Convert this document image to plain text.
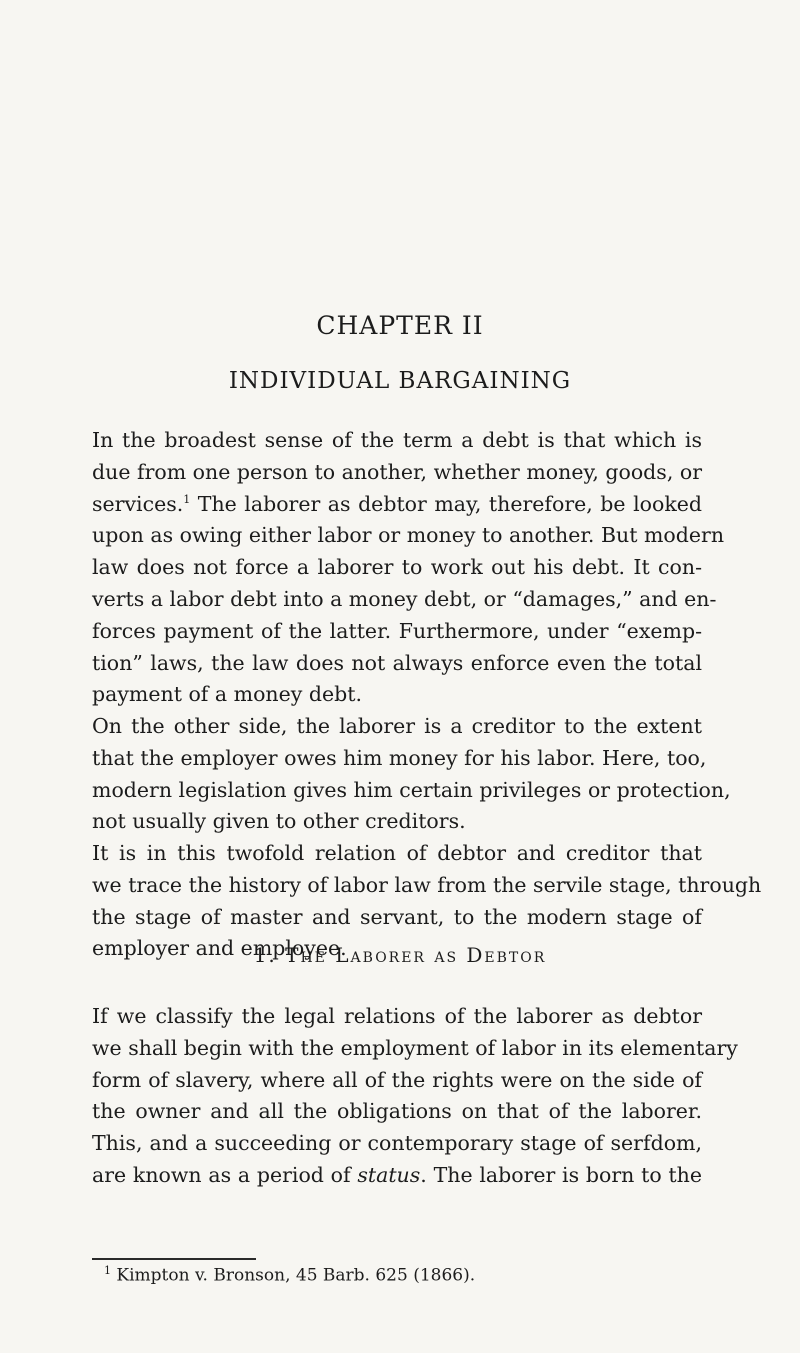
CHAPTER II
INDIVIDUAL BARGAINING
In the broadest sense of the term a debt is that which is
due from one person to another, whether money, goods, or
services.$^1$ The laborer as debtor may, therefore, be looked
upon as owing either labor or money to another. But modern
law does not force a laborer to work out his debt. It con-
verts a labor debt into a money debt, or “damages,” and en-
forces payment of the latter. Furthermore, under “exemp-
tion” laws, the law does not always enforce even the total
payment of a money debt.
On the other side, the laborer is a creditor to the extent
that the employer owes him money for his labor. Here, too,
modern legislation gives him certain privileges or protection,
not usually given to other creditors.
It is in this twofold relation of debtor and creditor that
we trace the history of labor law from the servile stage, through
the stage of master and servant, to the modern stage of
employer and employee.
1. The Laborer as Debtor
If we classify the legal relations of the laborer as debtor
we shall begin with the employment of labor in its elementary
form of slavery, where all of the rights were on the side of
the owner and all the obligations on that of the laborer.
This, and a succeeding or contemporary stage of serfdom,
are known as a period of status. The laborer is born to the
$^1$ Kimpton v. Bronson, 45 Barb. 625 (1866).
